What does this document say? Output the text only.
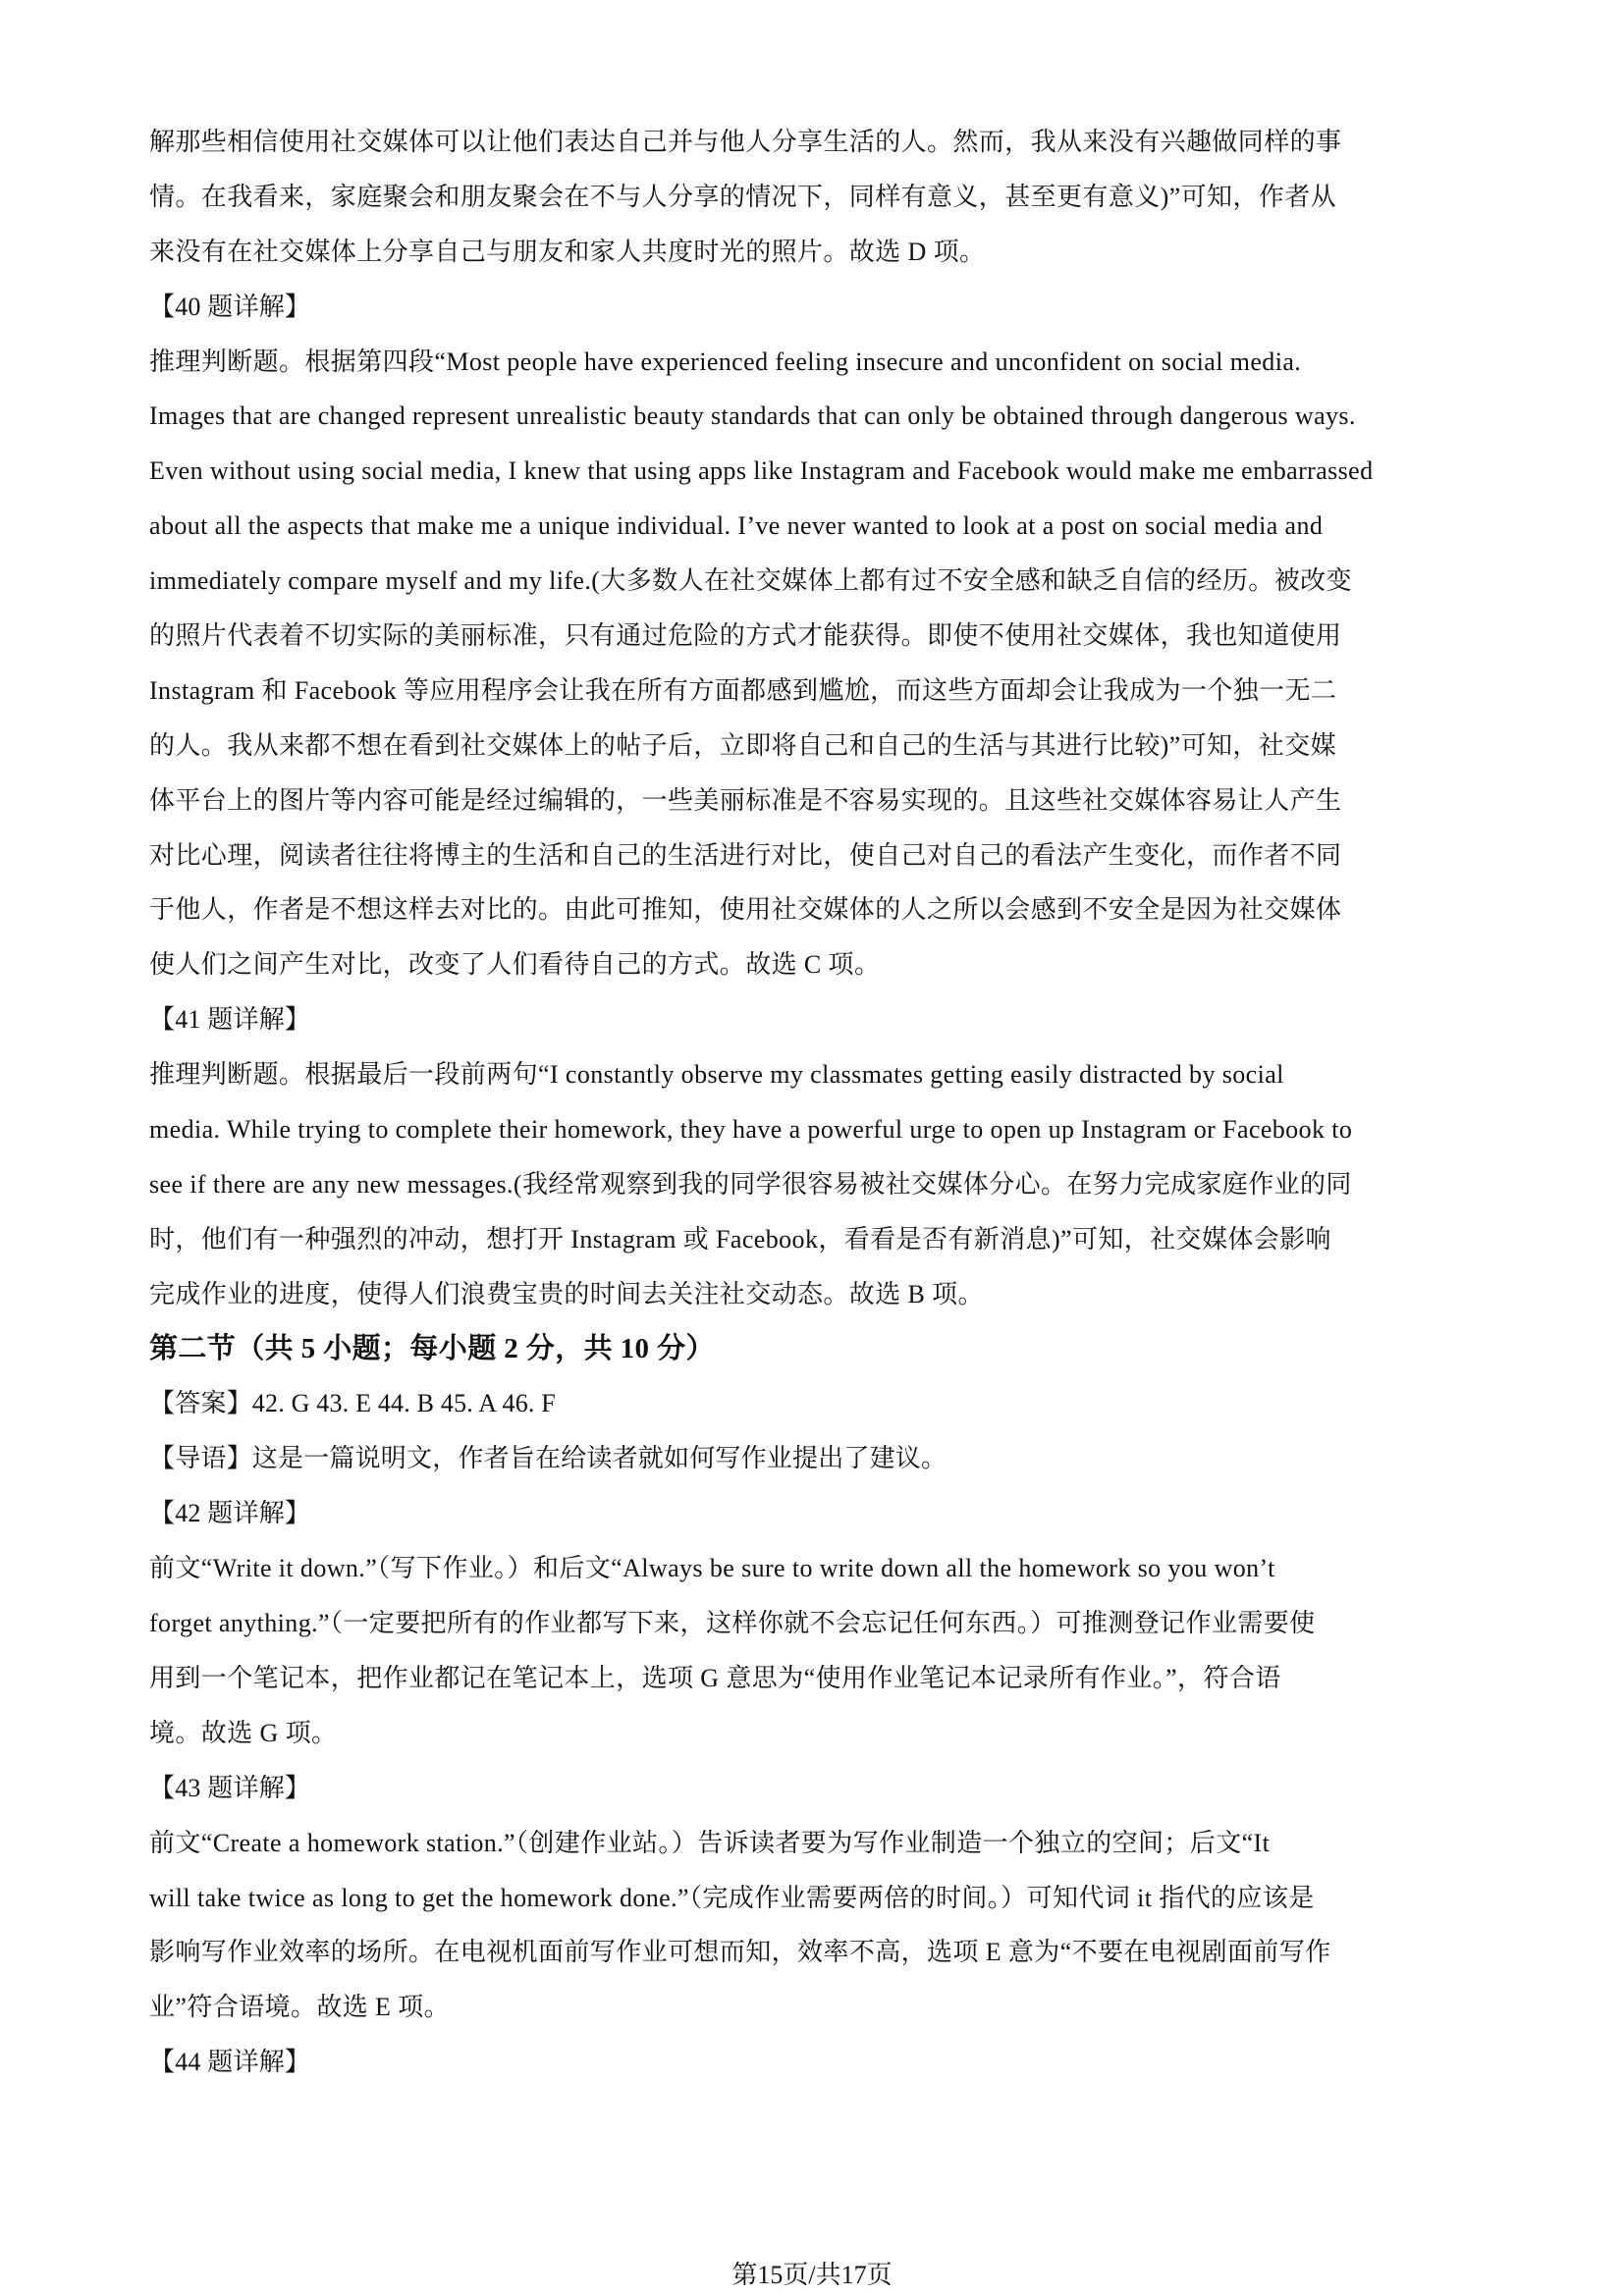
解那些相信使用社交媒体可以让他们表达自己并与他人分享生活的人。然而，我从来没有兴趣做同样的事
情。在我看来，家庭聚会和朋友聚会在不与人分享的情况下，同样有意义，甚至更有意义)”可知，作者从
来没有在社交媒体上分享自己与朋友和家人共度时光的照片。故选 D 项。
【40 题详解】
推理判断题。根据第四段“Most people have experienced feeling insecure and unconfident on social media.
Images that are changed represent unrealistic beauty standards that can only be obtained through dangerous ways.
Even without using social media, I knew that using apps like Instagram and Facebook would make me embarrassed
about all the aspects that make me a unique individual. I’ve never wanted to look at a post on social media and
immediately compare myself and my life.(大多数人在社交媒体上都有过不安全感和缺乏自信的经历。被改变
的照片代表着不切实际的美丽标准，只有通过危险的方式才能获得。即使不使用社交媒体，我也知道使用
Instagram 和 Facebook 等应用程序会让我在所有方面都感到尴尬，而这些方面却会让我成为一个独一无二
的人。我从来都不想在看到社交媒体上的帖子后，立即将自己和自己的生活与其进行比较)”可知，社交媒
体平台上的图片等内容可能是经过编辑的，一些美丽标准是不容易实现的。且这些社交媒体容易让人产生
对比心理，阅读者往往将博主的生活和自己的生活进行对比，使自己对自己的看法产生变化，而作者不同
于他人，作者是不想这样去对比的。由此可推知，使用社交媒体的人之所以会感到不安全是因为社交媒体
使人们之间产生对比，改变了人们看待自己的方式。故选 C 项。
【41 题详解】
推理判断题。根据最后一段前两句“I constantly observe my classmates getting easily distracted by social
media. While trying to complete their homework, they have a powerful urge to open up Instagram or Facebook to
see if there are any new messages.(我经常观察到我的同学很容易被社交媒体分心。在努力完成家庭作业的同
时，他们有一种强烈的冲动，想打开 Instagram 或 Facebook，看看是否有新消息)”可知，社交媒体会影响
完成作业的进度，使得人们浪费宝贵的时间去关注社交动态。故选 B 项。
第二节（共 5 小题；每小题 2 分，共 10 分）
【答案】42. G 43. E 44. B 45. A 46. F
【导语】这是一篇说明文，作者旨在给读者就如何写作业提出了建议。
【42 题详解】
前文“Write it down.”（写下作业。）和后文“Always be sure to write down all the homework so you won’t
forget anything.”（一定要把所有的作业都写下来，这样你就不会忘记任何东西。）可推测登记作业需要使
用到一个笔记本，把作业都记在笔记本上，选项 G 意思为“使用作业笔记本记录所有作业。”，符合语
境。故选 G 项。
【43 题详解】
前文“Create a homework station.”（创建作业站。）告诉读者要为写作业制造一个独立的空间；后文“It
will take twice as long to get the homework done.”（完成作业需要两倍的时间。）可知代词 it 指代的应该是
影响写作业效率的场所。在电视机面前写作业可想而知，效率不高，选项 E 意为“不要在电视剧面前写作
业”符合语境。故选 E 项。
【44 题详解】
第15页/共17页
